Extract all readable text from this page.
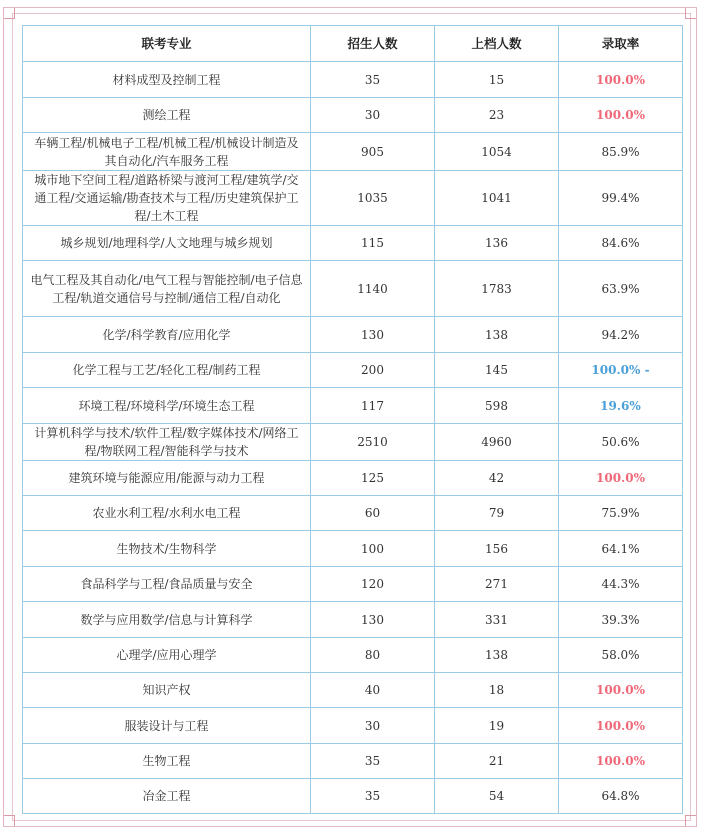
联考专业	招生人数	上档人数	录取率
材料成型及控制工程	35	15	100.0%
测绘工程	30	23	100.0%
车辆工程/机械电子工程/机械工程/机械设计制造及其自动化/汽车服务工程	905	1054	85.9%
城市地下空间工程/道路桥梁与渡河工程/建筑学/交通工程/交通运输/勘查技术与工程/历史建筑保护工程/土木工程	1035	1041	99.4%
城乡规划/地理科学/人文地理与城乡规划	115	136	84.6%
电气工程及其自动化/电气工程与智能控制/电子信息工程/轨道交通信号与控制/通信工程/自动化	1140	1783	63.9%
化学/科学教育/应用化学	130	138	94.2%
化学工程与工艺/轻化工程/制药工程	200	145	100.0% -
环境工程/环境科学/环境生态工程	117	598	19.6%
计算机科学与技术/软件工程/数字媒体技术/网络工程/物联网工程/智能科学与技术	2510	4960	50.6%
建筑环境与能源应用/能源与动力工程	125	42	100.0%
农业水利工程/水利水电工程	60	79	75.9%
生物技术/生物科学	100	156	64.1%
食品科学与工程/食品质量与安全	120	271	44.3%
数学与应用数学/信息与计算科学	130	331	39.3%
心理学/应用心理学	80	138	58.0%
知识产权	40	18	100.0%
服装设计与工程	30	19	100.0%
生物工程	35	21	100.0%
冶金工程	35	54	64.8%
